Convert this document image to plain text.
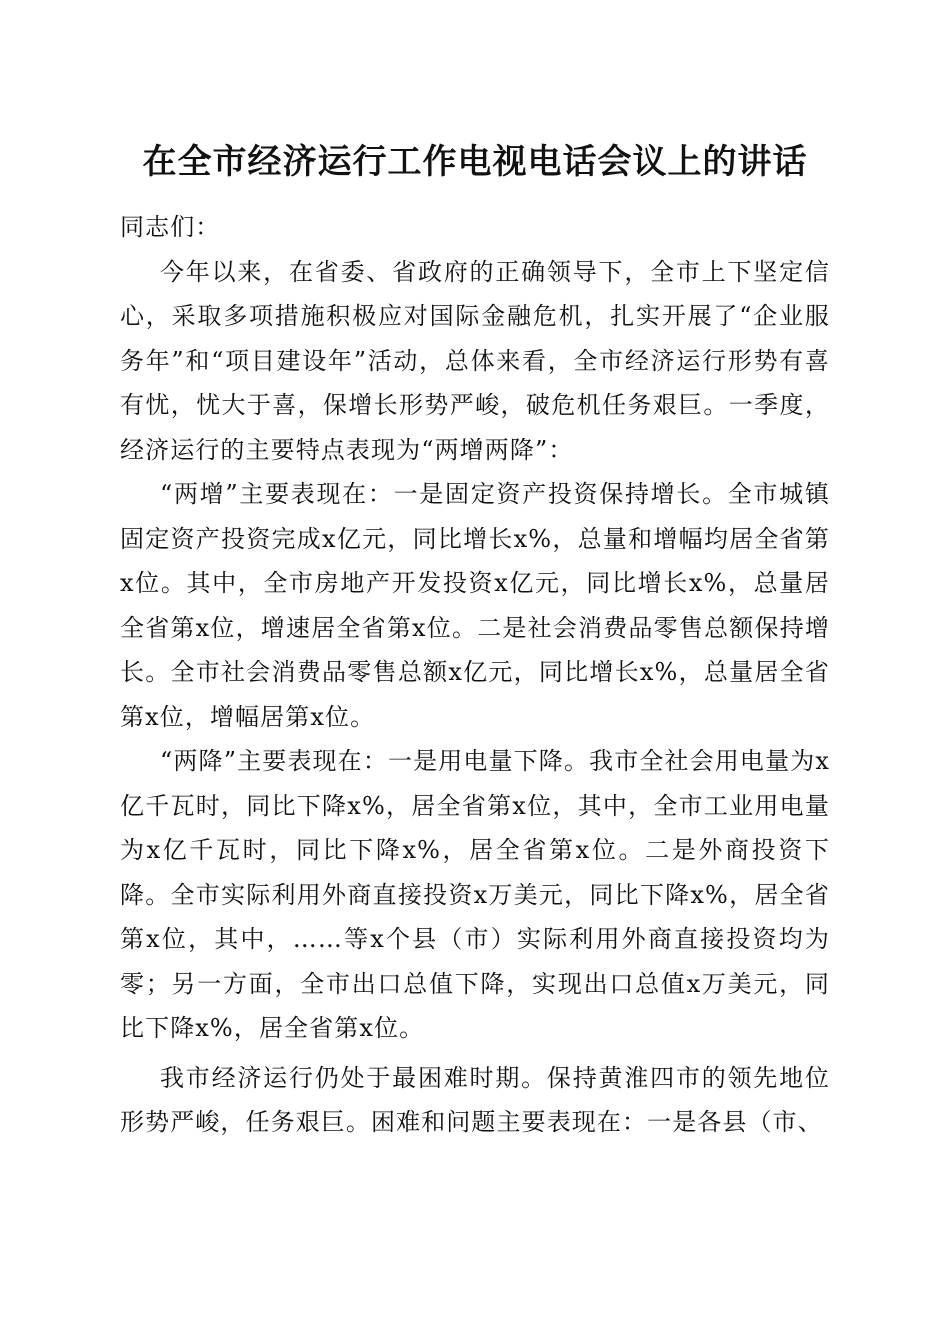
在全市经济运行工作电视电话会议上的讲话

同志们：

今年以来，在省委、省政府的正确领导下，全市上下坚定信心，采取多项措施积极应对国际金融危机，扎实开展了“企业服务年”和“项目建设年”活动，总体来看，全市经济运行形势有喜有忧，忧大于喜，保增长形势严峻，破危机任务艰巨。一季度，经济运行的主要特点表现为“两增两降”：

“两增”主要表现在：一是固定资产投资保持增长。全市城镇固定资产投资完成x亿元，同比增长x%，总量和增幅均居全省第x位。其中，全市房地产开发投资x亿元，同比增长x%，总量居全省第x位，增速居全省第x位。二是社会消费品零售总额保持增长。全市社会消费品零售总额x亿元，同比增长x%，总量居全省第x位，增幅居第x位。

“两降”主要表现在：一是用电量下降。我市全社会用电量为x亿千瓦时，同比下降x%，居全省第x位，其中，全市工业用电量为x亿千瓦时，同比下降x%，居全省第x位。二是外商投资下降。全市实际利用外商直接投资x万美元，同比下降x%，居全省第x位，其中，……等x个县（市）实际利用外商直接投资均为零；另一方面，全市出口总值下降，实现出口总值x万美元，同比下降x%，居全省第x位。

我市经济运行仍处于最困难时期。保持黄淮四市的领先地位形势严峻，任务艰巨。困难和问题主要表现在：一是各县（市、
